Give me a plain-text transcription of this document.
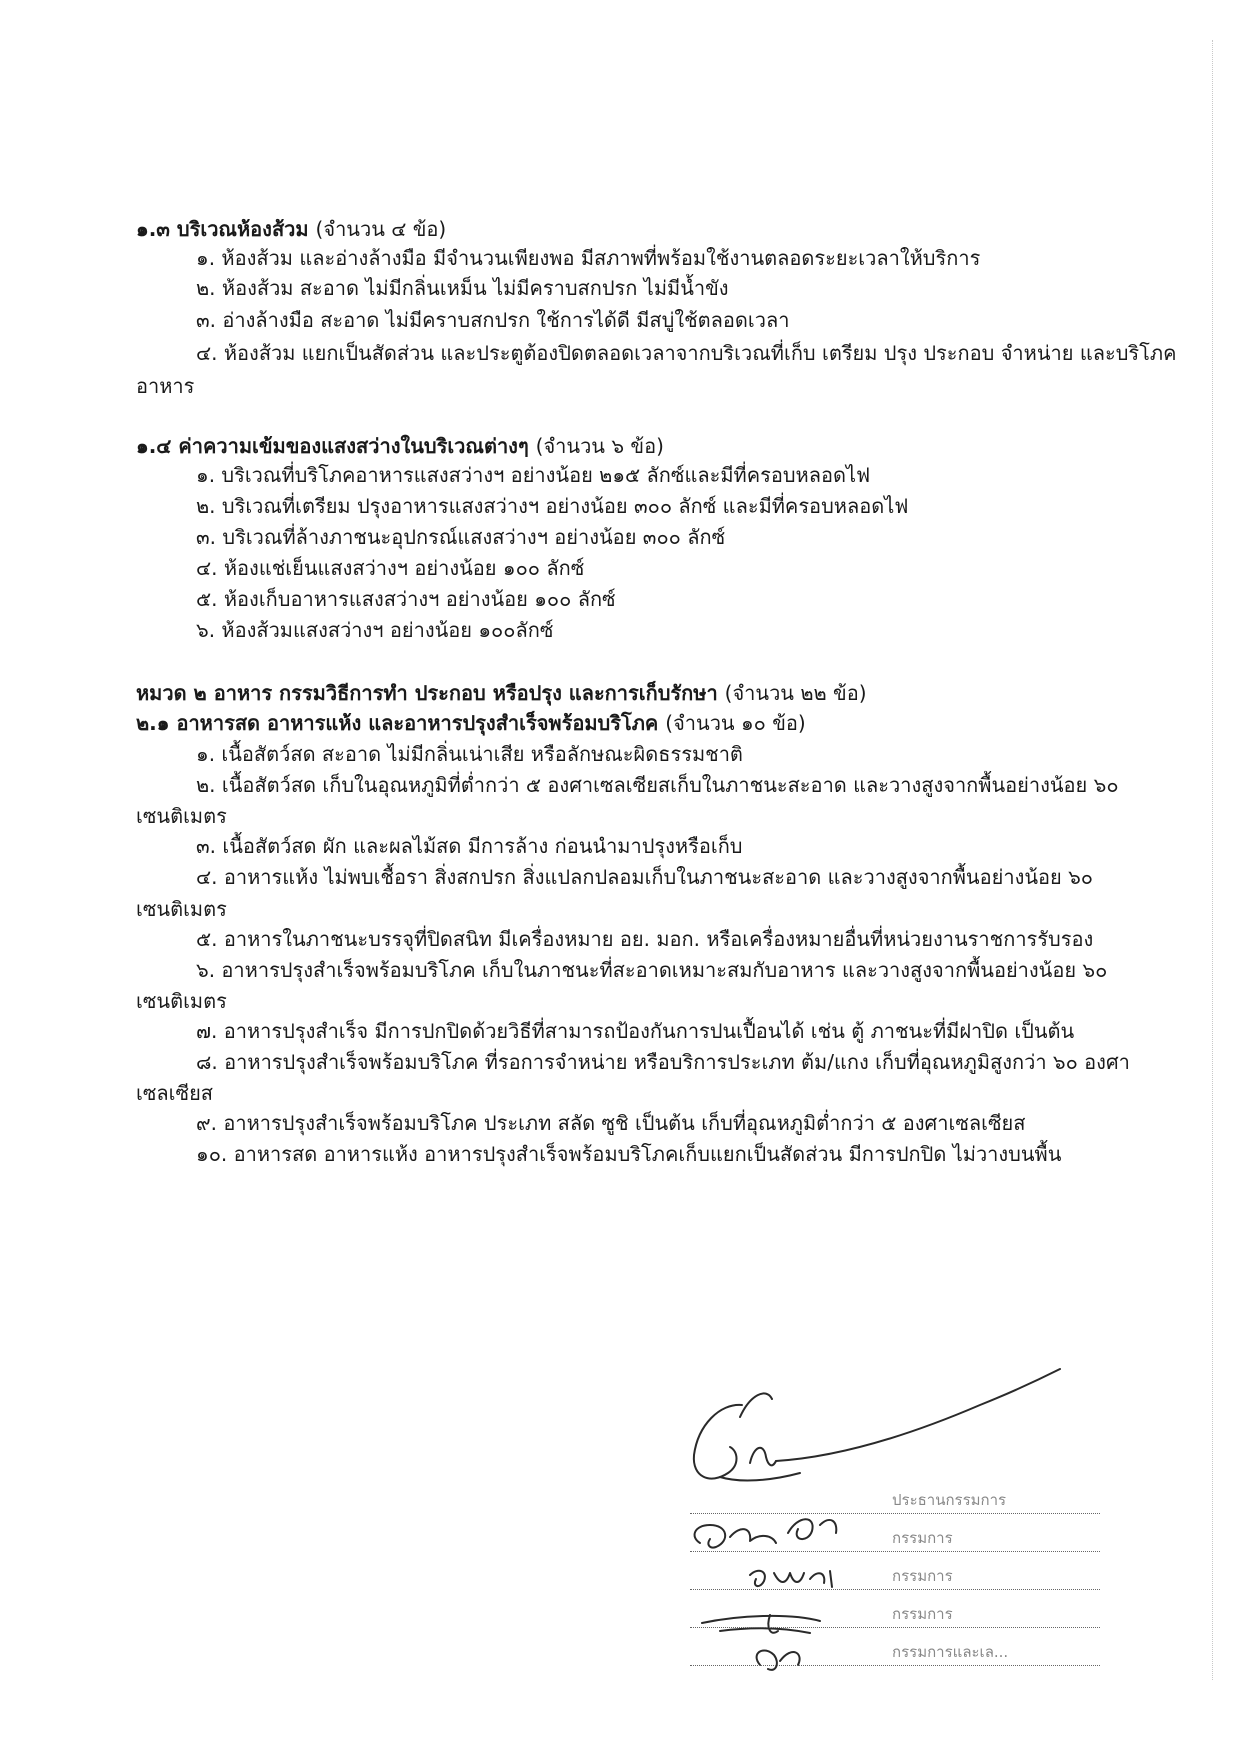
๑.๓ บริเวณห้องส้วม (จำนวน ๔ ข้อ)
๑. ห้องส้วม และอ่างล้างมือ มีจำนวนเพียงพอ มีสภาพที่พร้อมใช้งานตลอดระยะเวลาให้บริการ
๒. ห้องส้วม สะอาด ไม่มีกลิ่นเหม็น ไม่มีคราบสกปรก ไม่มีน้ำขัง
๓. อ่างล้างมือ สะอาด ไม่มีคราบสกปรก ใช้การได้ดี มีสบู่ใช้ตลอดเวลา
๔. ห้องส้วม แยกเป็นสัดส่วน และประตูต้องปิดตลอดเวลาจากบริเวณที่เก็บ เตรียม ปรุง ประกอบ จำหน่าย และบริโภค
อาหาร
๑.๔ ค่าความเข้มของแสงสว่างในบริเวณต่างๆ (จำนวน ๖ ข้อ)
๑. บริเวณที่บริโภคอาหารแสงสว่างฯ อย่างน้อย ๒๑๕ ลักซ์และมีที่ครอบหลอดไฟ
๒. บริเวณที่เตรียม ปรุงอาหารแสงสว่างฯ อย่างน้อย ๓๐๐ ลักซ์ และมีที่ครอบหลอดไฟ
๓. บริเวณที่ล้างภาชนะอุปกรณ์แสงสว่างฯ อย่างน้อย ๓๐๐ ลักซ์
๔. ห้องแช่เย็นแสงสว่างฯ อย่างน้อย ๑๐๐ ลักซ์
๕. ห้องเก็บอาหารแสงสว่างฯ อย่างน้อย ๑๐๐ ลักซ์
๖. ห้องส้วมแสงสว่างฯ อย่างน้อย ๑๐๐ลักซ์
หมวด ๒ อาหาร กรรมวิธีการทำ ประกอบ หรือปรุง และการเก็บรักษา (จำนวน ๒๒ ข้อ)
๒.๑ อาหารสด อาหารแห้ง และอาหารปรุงสำเร็จพร้อมบริโภค (จำนวน ๑๐ ข้อ)
๑. เนื้อสัตว์สด สะอาด ไม่มีกลิ่นเน่าเสีย หรือลักษณะผิดธรรมชาติ
๒. เนื้อสัตว์สด เก็บในอุณหภูมิที่ต่ำกว่า ๕ องศาเซลเซียสเก็บในภาชนะสะอาด และวางสูงจากพื้นอย่างน้อย ๖๐
เซนติเมตร
๓. เนื้อสัตว์สด ผัก และผลไม้สด มีการล้าง ก่อนนำมาปรุงหรือเก็บ
๔. อาหารแห้ง ไม่พบเชื้อรา สิ่งสกปรก สิ่งแปลกปลอมเก็บในภาชนะสะอาด และวางสูงจากพื้นอย่างน้อย ๖๐
เซนติเมตร
๕. อาหารในภาชนะบรรจุที่ปิดสนิท มีเครื่องหมาย อย. มอก. หรือเครื่องหมายอื่นที่หน่วยงานราชการรับรอง
๖. อาหารปรุงสำเร็จพร้อมบริโภค เก็บในภาชนะที่สะอาดเหมาะสมกับอาหาร และวางสูงจากพื้นอย่างน้อย ๖๐
เซนติเมตร
๗. อาหารปรุงสำเร็จ มีการปกปิดด้วยวิธีที่สามารถป้องกันการปนเปื้อนได้ เช่น ตู้ ภาชนะที่มีฝาปิด เป็นต้น
๘. อาหารปรุงสำเร็จพร้อมบริโภค ที่รอการจำหน่าย หรือบริการประเภท ต้ม/แกง เก็บที่อุณหภูมิสูงกว่า ๖๐ องศา
เซลเซียส
๙. อาหารปรุงสำเร็จพร้อมบริโภค ประเภท สลัด ซูชิ เป็นต้น เก็บที่อุณหภูมิต่ำกว่า ๕ องศาเซลเซียส
๑๐. อาหารสด อาหารแห้ง อาหารปรุงสำเร็จพร้อมบริโภคเก็บแยกเป็นสัดส่วน มีการปกปิด ไม่วางบนพื้น
ประธานกรรมการ
กรรมการ
กรรมการ
กรรมการ
กรรมการและเล...
